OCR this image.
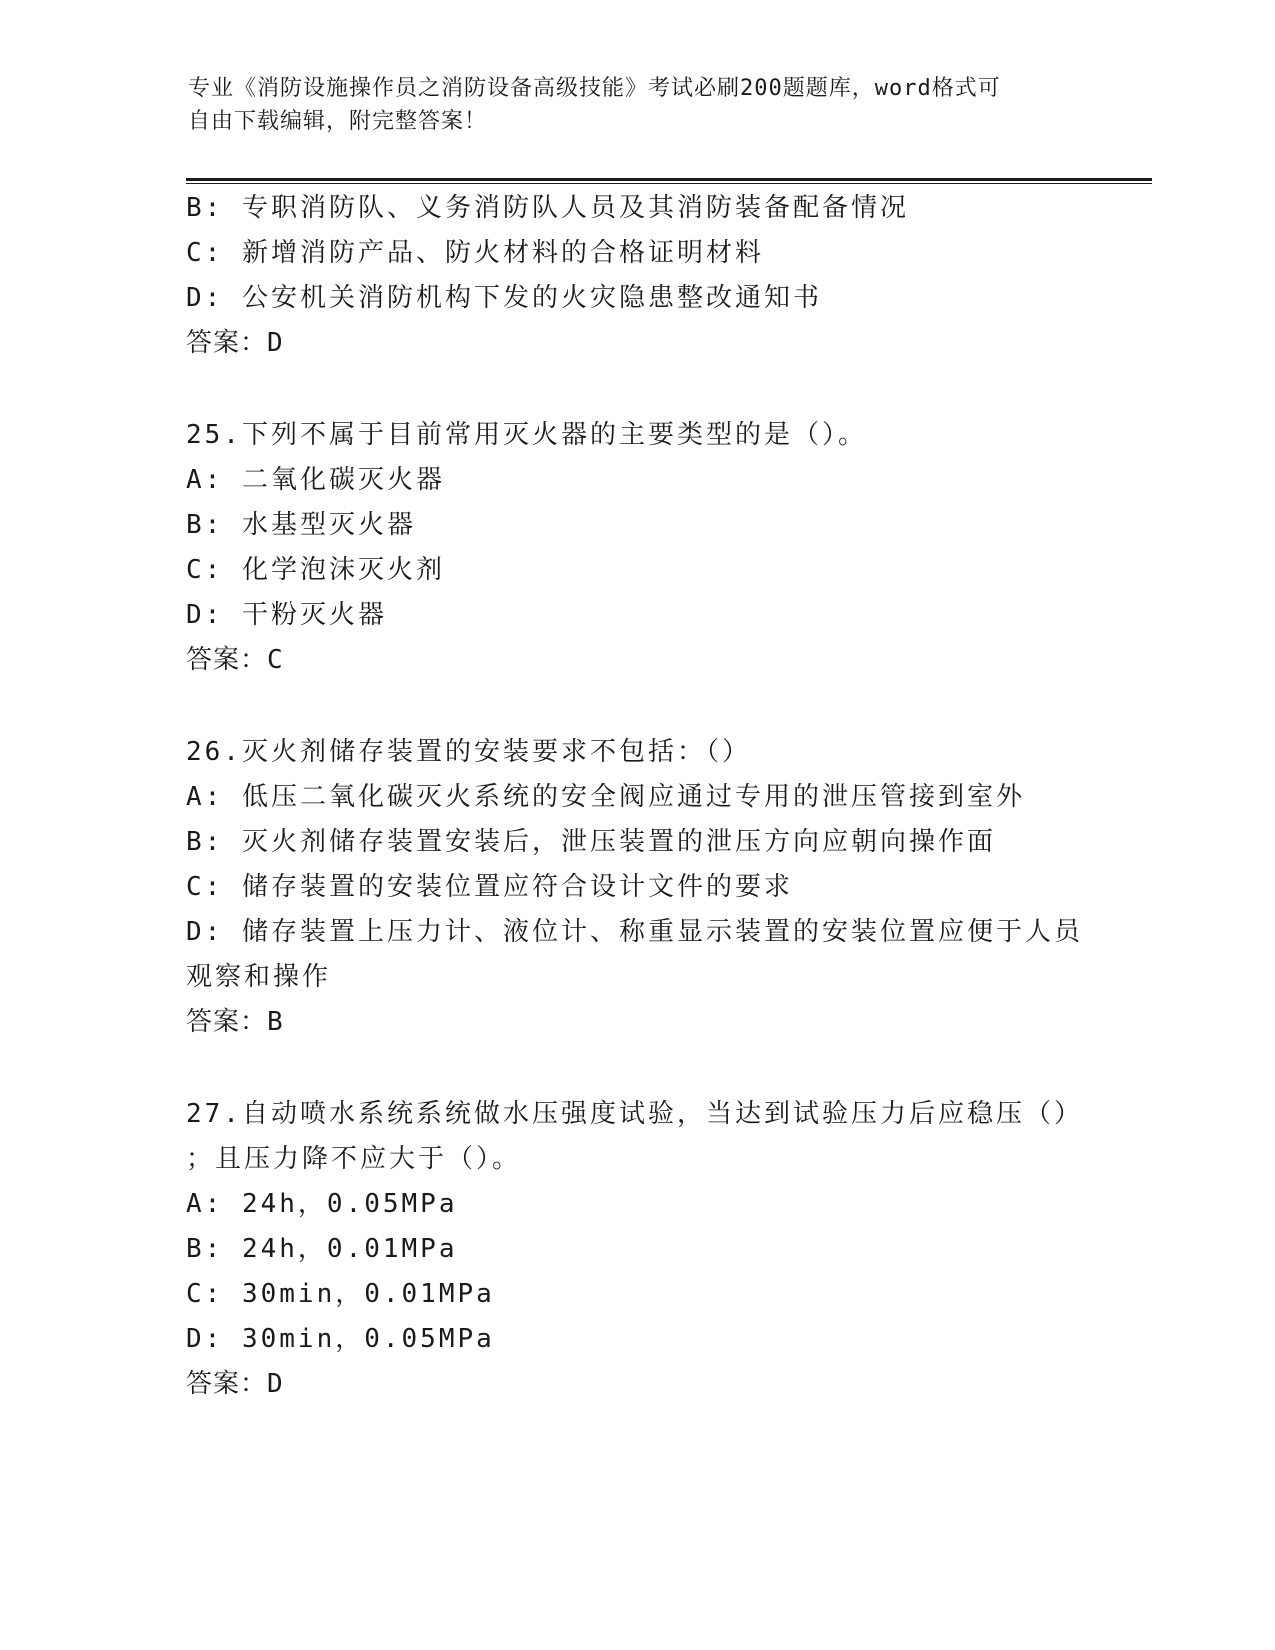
专业《消防设施操作员之消防设备高级技能》考试必刷200题题库，word格式可
自由下载编辑，附完整答案！
B: 专职消防队、义务消防队人员及其消防装备配备情况
C: 新增消防产品、防火材料的合格证明材料
D: 公安机关消防机构下发的火灾隐患整改通知书
答案：D
25.下列不属于目前常用灭火器的主要类型的是（）。
A: 二氧化碳灭火器
B: 水基型灭火器
C: 化学泡沫灭火剂
D: 干粉灭火器
答案：C
26.灭火剂储存装置的安装要求不包括：（）
A: 低压二氧化碳灭火系统的安全阀应通过专用的泄压管接到室外
B: 灭火剂储存装置安装后，泄压装置的泄压方向应朝向操作面
C: 储存装置的安装位置应符合设计文件的要求
D: 储存装置上压力计、液位计、称重显示装置的安装位置应便于人员
观察和操作
答案：B
27.自动喷水系统系统做水压强度试验，当达到试验压力后应稳压（）
；且压力降不应大于（）。
A: 24h，0.05MPa
B: 24h，0.01MPa
C: 30min，0.01MPa
D: 30min，0.05MPa
答案：D
